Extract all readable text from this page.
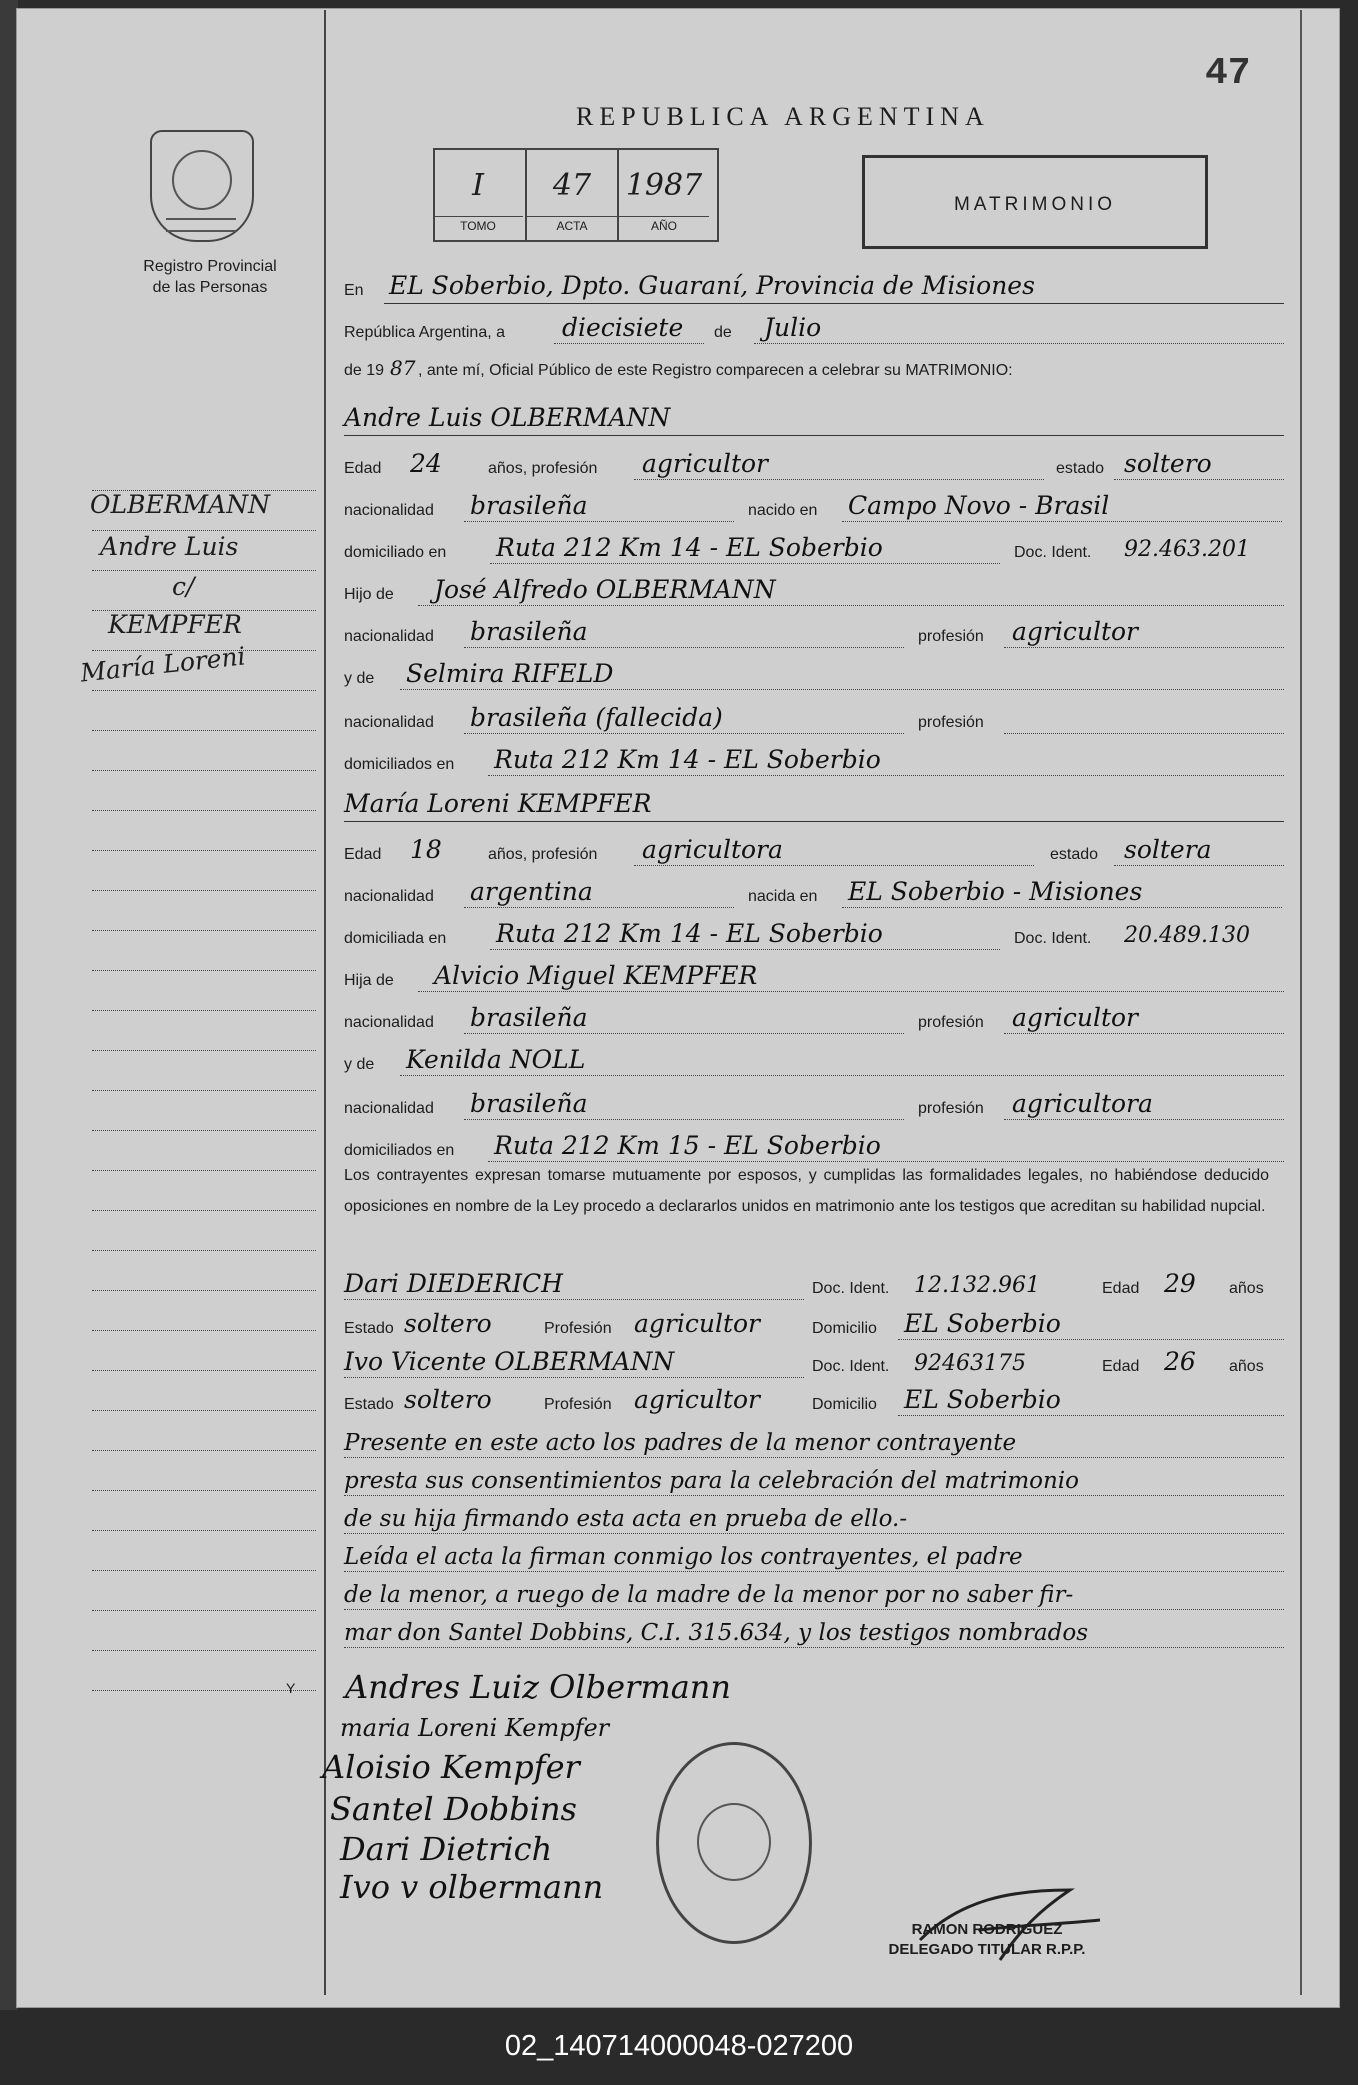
47
Registro Provincial
de las Personas
REPUBLICA ARGENTINA
I
TOMO
47
ACTA
1987
AÑO
MATRIMONIO
En EL Soberbio, Dpto. Guaraní, Provincia de Misiones
República Argentina, a diecisiete de Julio
de 19 87 , ante mí, Oficial Público de este Registro comparecen a celebrar su MATRIMONIO:
Andre Luis OLBERMANN
Edad 24	años, profesión agricultor	estado soltero
nacionalidad brasileña	nacido en Campo Novo - Brasil
domiciliado en Ruta 212 Km 14 - EL Soberbio	Doc. Ident. 92.463.201
Hijo de José Alfredo OLBERMANN
nacionalidad brasileña	profesión agricultor
y de Selmira RIFELD
nacionalidad brasileña (fallecida)	profesión
domiciliados en Ruta 212 Km 14 - EL Soberbio
María Loreni KEMPFER
Edad 18	años, profesión agricultora	estado soltera
nacionalidad argentina	nacida en EL Soberbio - Misiones
domiciliada en Ruta 212 Km 14 - EL Soberbio	Doc. Ident. 20.489.130
Hija de Alvicio Miguel KEMPFER
nacionalidad brasileña	profesión agricultor
y de Kenilda NOLL
nacionalidad brasileña	profesión agricultora
domiciliados en Ruta 212 Km 15 - EL Soberbio
Los contrayentes expresan tomarse mutuamente por esposos, y cumplidas las formalidades legales, no habiéndose deducido oposiciones en nombre de la Ley procedo a declararlos unidos en matrimonio ante los testigos que acreditan su habilidad nupcial.
Dari DIEDERICH	Doc. Ident. 12.132.961	Edad 29 años
Estado soltero	Profesión agricultor	Domicilio EL Soberbio
Ivo Vicente OLBERMANN	Doc. Ident. 92463175	Edad 26 años
Estado soltero	Profesión agricultor	Domicilio EL Soberbio
Presente en este acto los padres de la menor contrayente
presta sus consentimientos para la celebración del matrimonio
de su hija firmando esta acta en prueba de ello.-
Leída el acta la firman conmigo los contrayentes, el padre
de la menor, a ruego de la madre de la menor por no saber fir-
mar don Santel Dobbins, C.I. 315.634, y los testigos nombrados
OLBERMANN
Andre Luis
c/
KEMPFER
María Loreni
Y Andres Luiz Olbermann
maria Loreni Kempfer
Aloisio Kempfer
Santel Dobbins
Dari Dietrich
Ivo v olbermann
RAMON RODRIGUEZ
DELEGADO TITULAR R.P.P.
02_140714000048-027200
